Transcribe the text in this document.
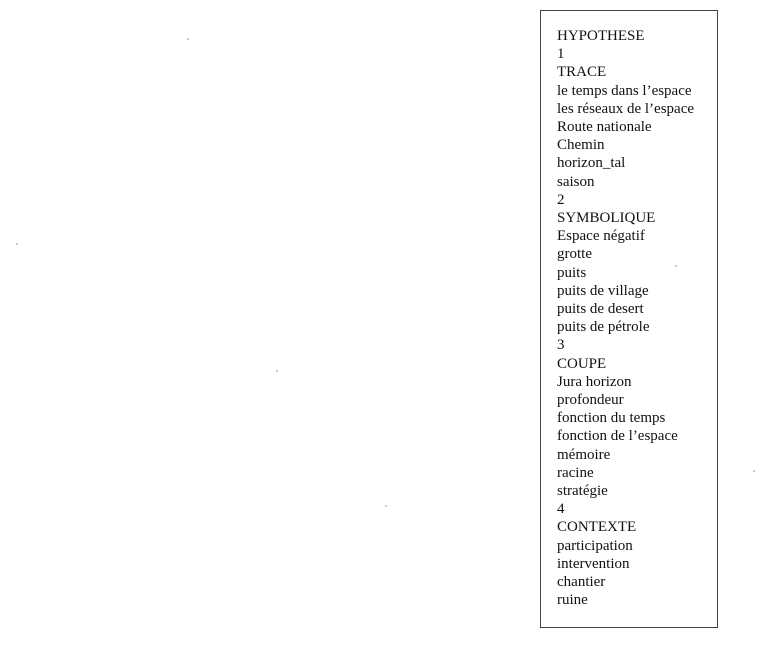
HYPOTHESE
1
TRACE
le temps dans l’espace
les réseaux de l’espace
Route nationale
Chemin
horizon_tal
saison
2
SYMBOLIQUE
Espace négatif
grotte
puits
puits de village
puits de desert
puits de pétrole
3
COUPE
Jura horizon
profondeur
fonction du temps
fonction de l’espace
mémoire
racine
stratégie
4
CONTEXTE
participation
intervention
chantier
ruine
